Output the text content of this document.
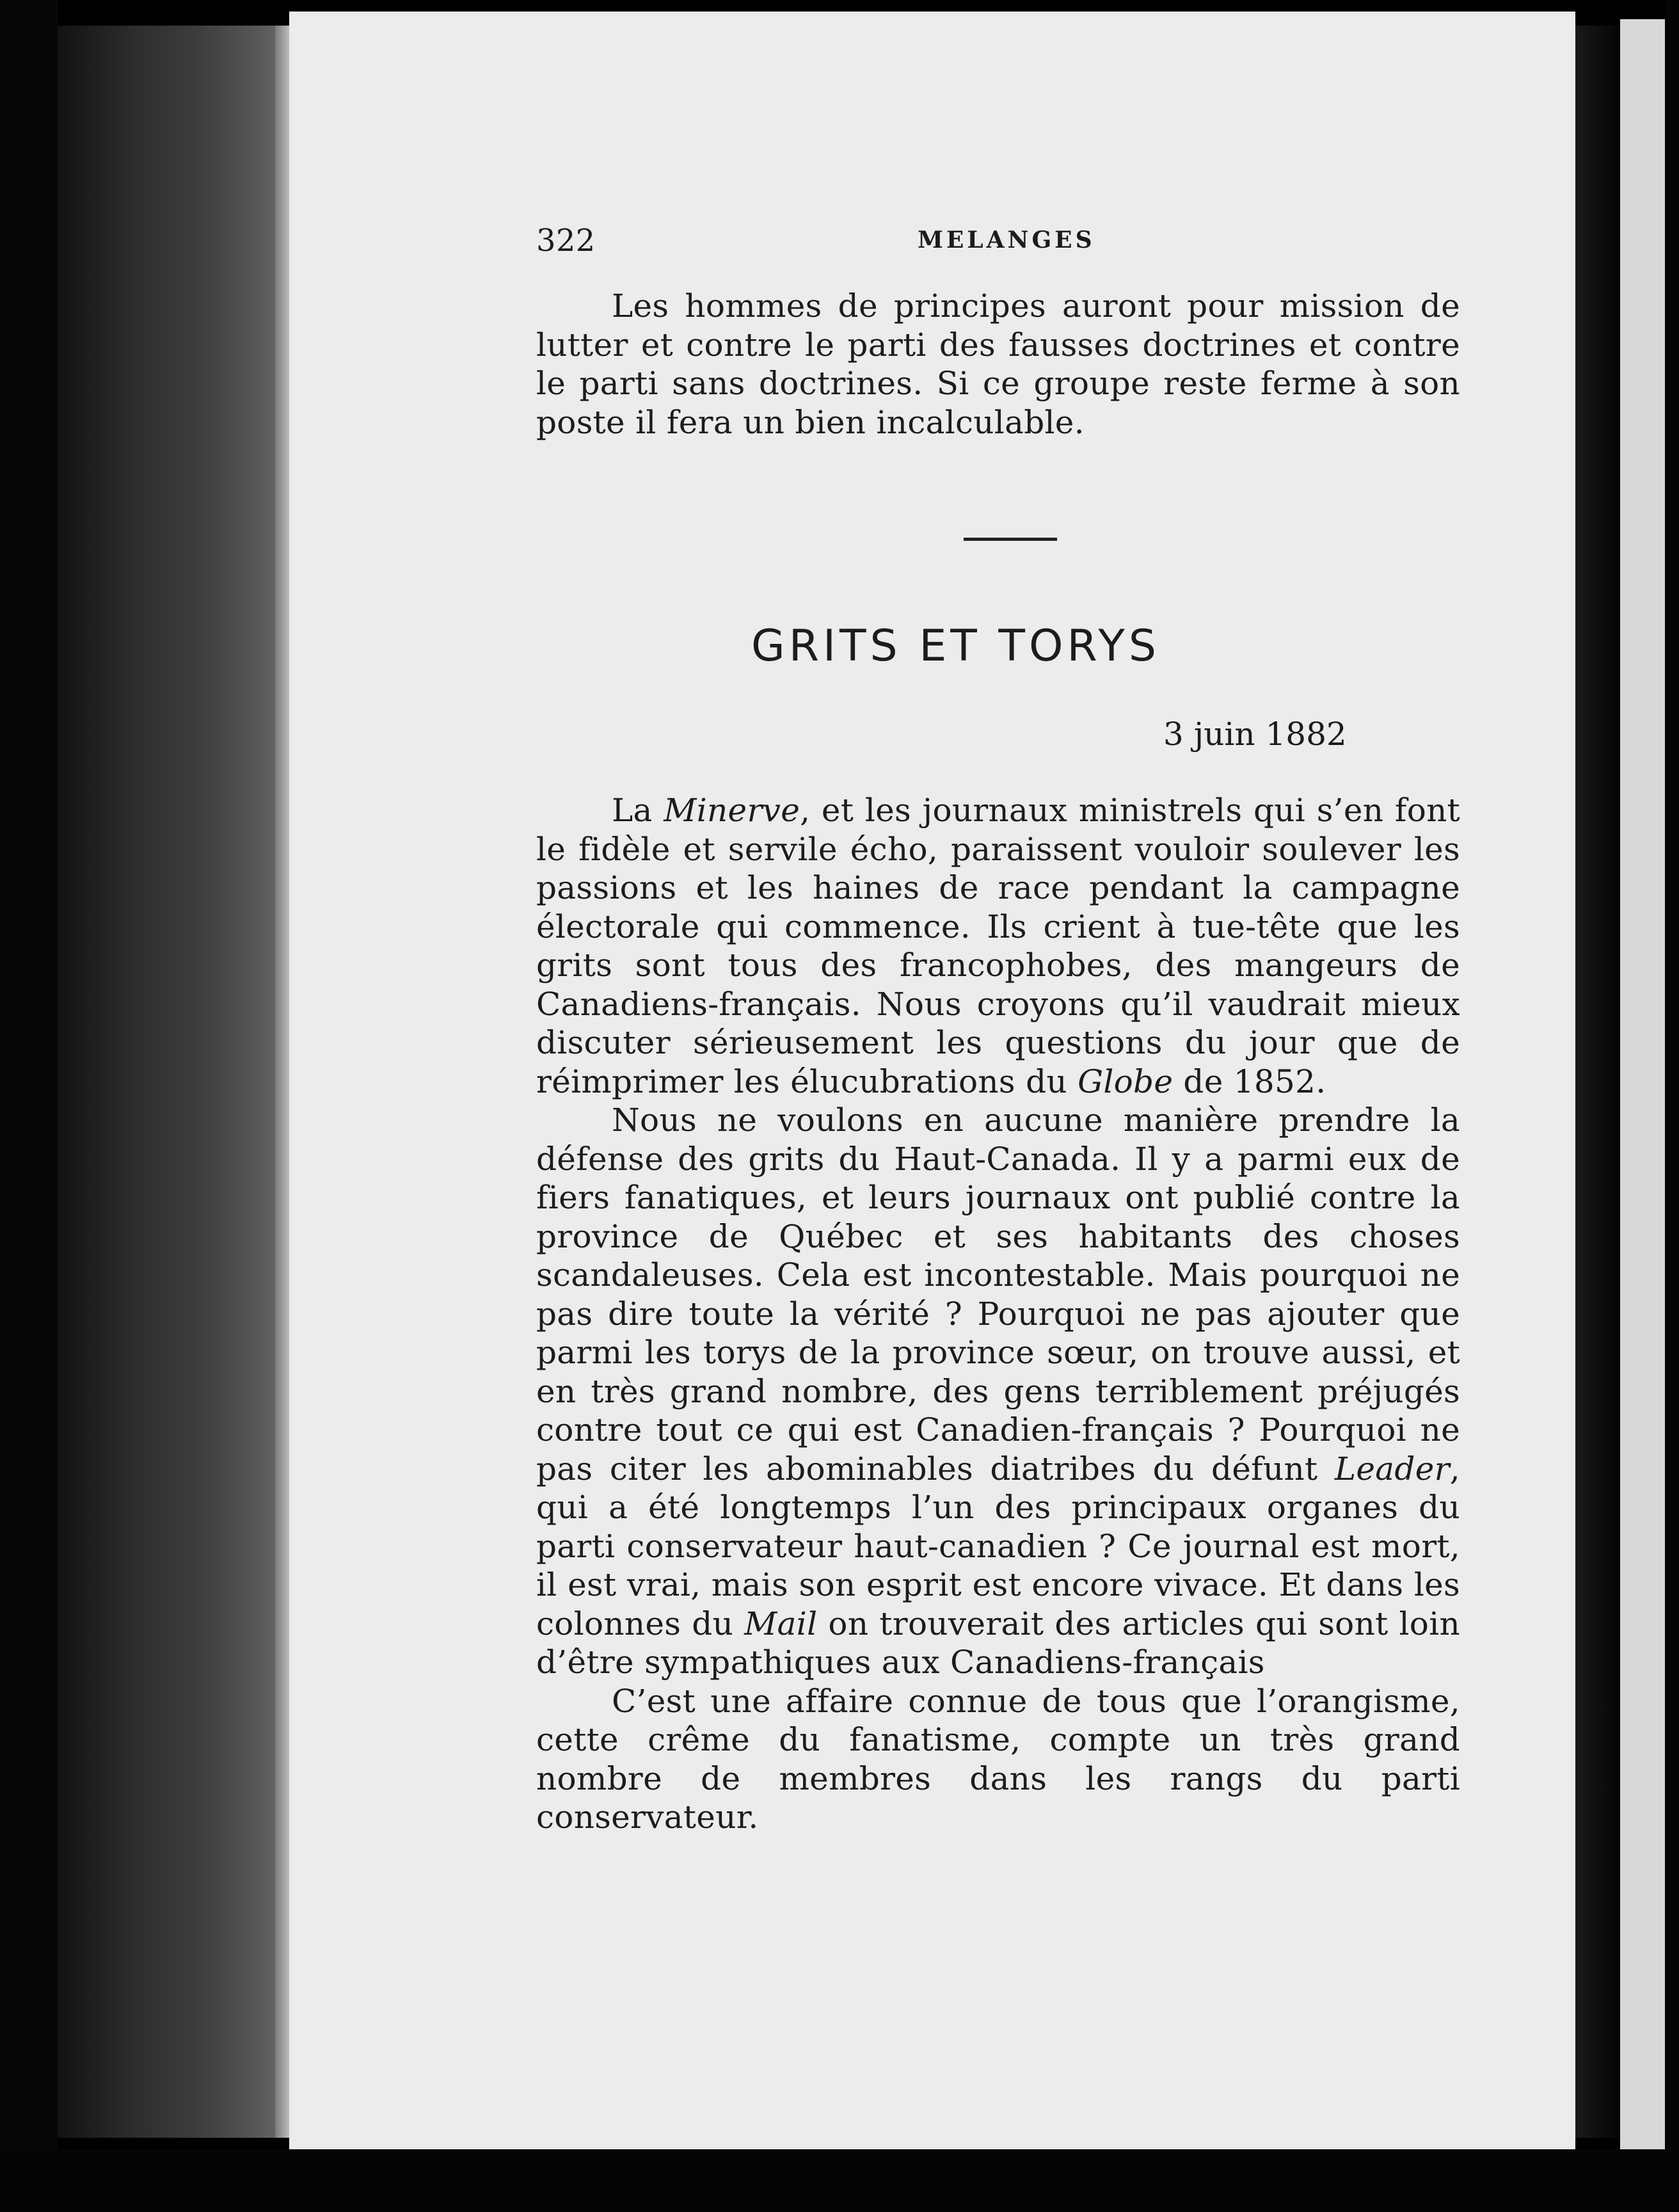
322	MELANGES

Les hommes de principes auront pour mission de lutter et contre le parti des fausses doctrines et contre le parti sans doctrines. Si ce groupe reste ferme à son poste il fera un bien incalculable.

GRITS ET TORYS
3 juin 1882

La Minerve, et les journaux ministrels qui s’en font le fidèle et servile écho, paraissent vouloir soulever les passions et les haines de race pendant la campagne électorale qui commence. Ils crient à tue-tête que les grits sont tous des francophobes, des mangeurs de Canadiens-français. Nous croyons qu’il vaudrait mieux discuter sérieusement les questions du jour que de réimprimer les élucubrations du Globe de 1852.

Nous ne voulons en aucune manière prendre la défense des grits du Haut-Canada. Il y a parmi eux de fiers fanatiques, et leurs journaux ont publié contre la province de Québec et ses habitants des choses scandaleuses. Cela est incontestable. Mais pourquoi ne pas dire toute la vérité ? Pourquoi ne pas ajouter que parmi les torys de la province sœur, on trouve aussi, et en très grand nombre, des gens terriblement préjugés contre tout ce qui est Canadien-français ? Pourquoi ne pas citer les abominables diatribes du défunt Leader, qui a été longtemps l’un des principaux organes du parti conservateur haut-canadien ? Ce journal est mort, il est vrai, mais son esprit est encore vivace. Et dans les colonnes du Mail on trouverait des articles qui sont loin d’être sympathiques aux Canadiens-français

C’est une affaire connue de tous que l’orangisme, cette crême du fanatisme, compte un très grand nombre de membres dans les rangs du parti conservateur.
